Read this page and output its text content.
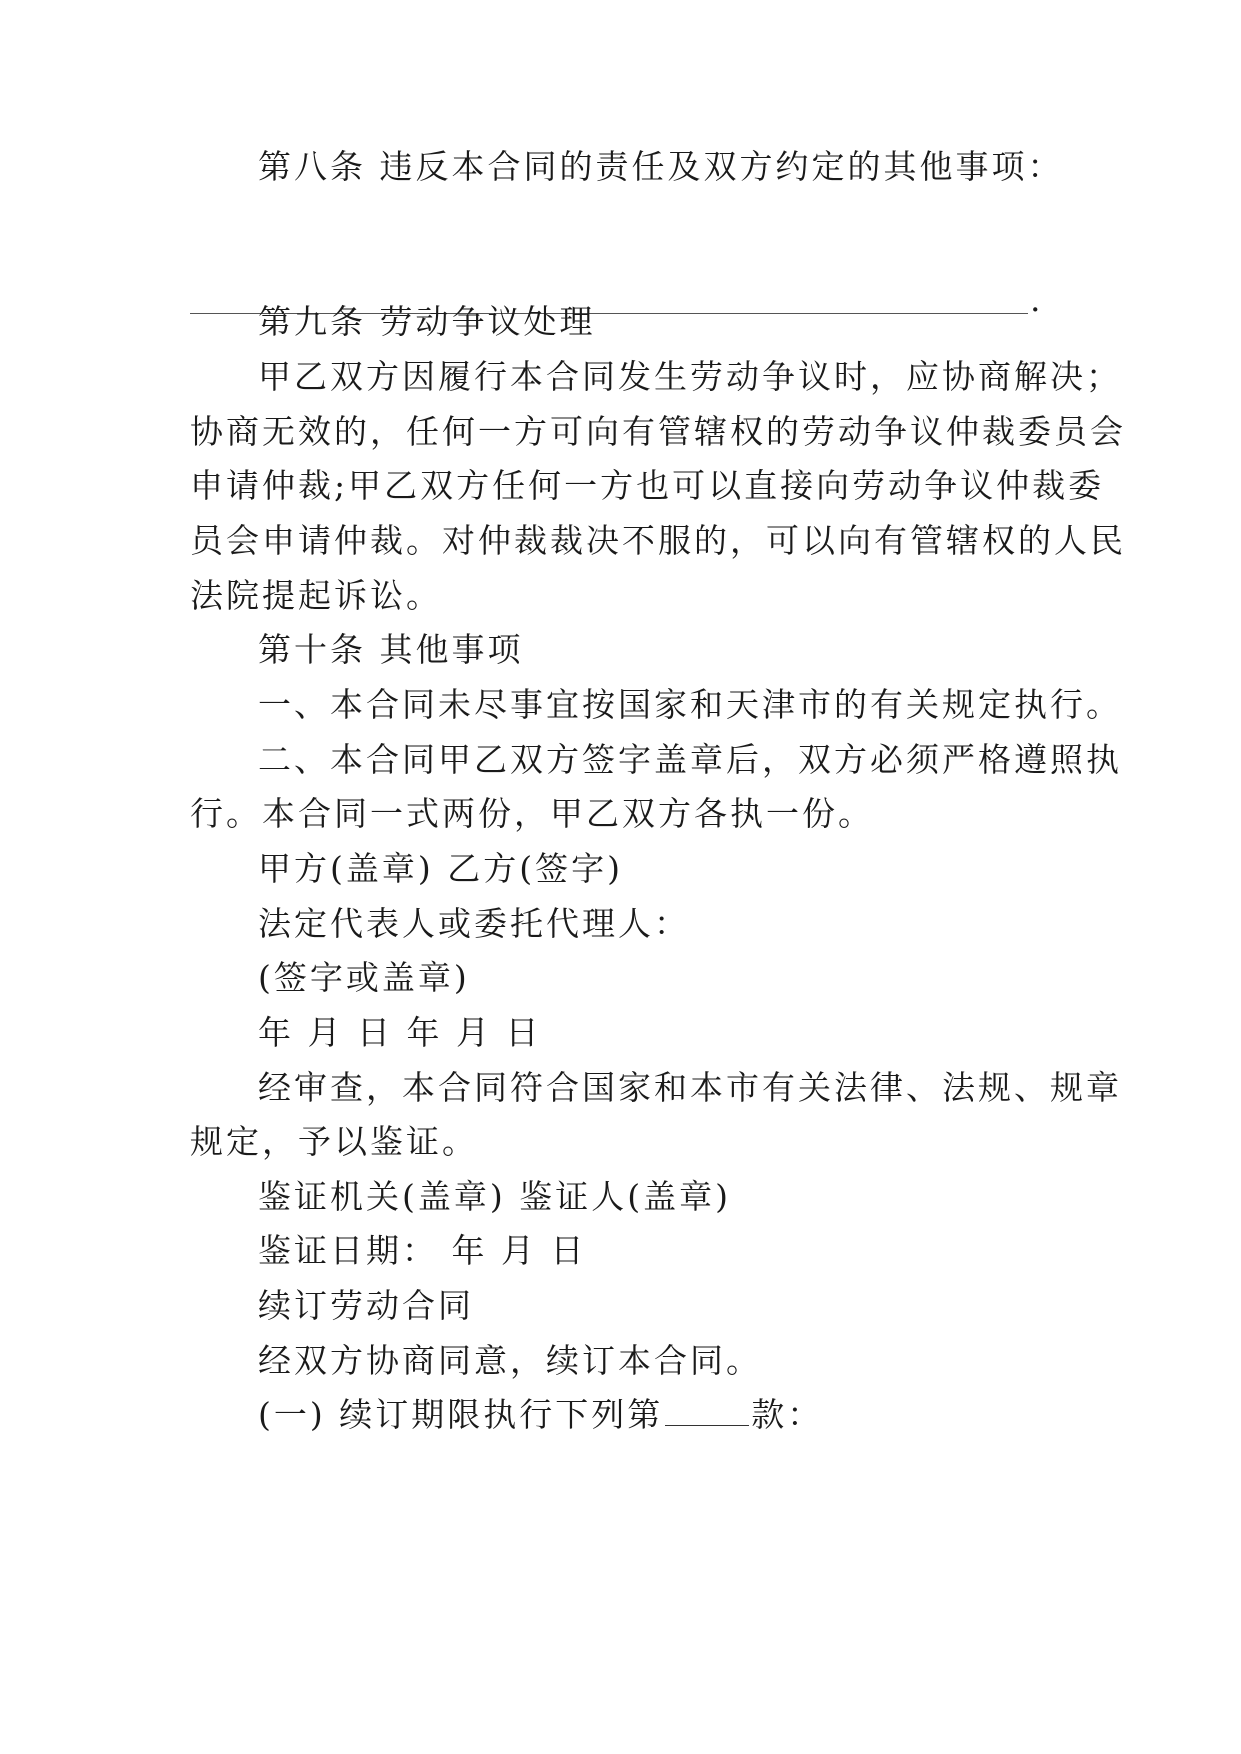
第八条 违反本合同的责任及双方约定的其他事项：
.
第九条 劳动争议处理
甲乙双方因履行本合同发生劳动争议时，应协商解决；
协商无效的，任何一方可向有管辖权的劳动争议仲裁委员会
申请仲裁;甲乙双方任何一方也可以直接向劳动争议仲裁委
员会申请仲裁。对仲裁裁决不服的，可以向有管辖权的人民
法院提起诉讼。
第十条 其他事项
一、本合同未尽事宜按国家和天津市的有关规定执行。
二、本合同甲乙双方签字盖章后，双方必须严格遵照执
行。本合同一式两份，甲乙双方各执一份。
甲方(盖章) 乙方(签字)
法定代表人或委托代理人：
(签字或盖章)
年 月 日 年 月 日
经审查，本合同符合国家和本市有关法律、法规、规章
规定，予以鉴证。
鉴证机关(盖章) 鉴证人(盖章)
鉴证日期： 年 月 日
续订劳动合同
经双方协商同意，续订本合同。
(一) 续订期限执行下列第	款：
